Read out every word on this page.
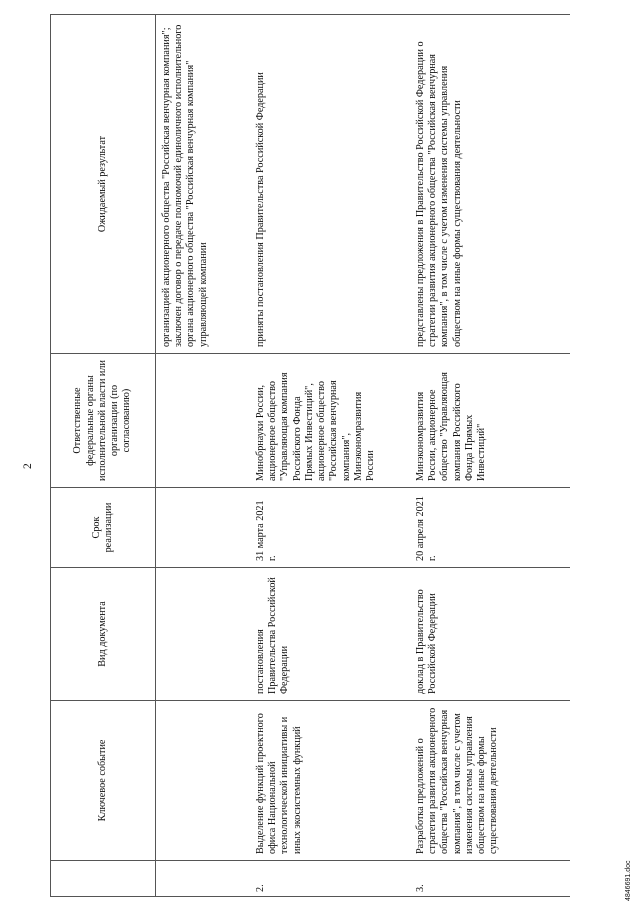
2
	Ключевое событие	Вид документа	Срок реализации	Ответственные федеральные органы исполнительной власти или организации (по согласованию)	Ожидаемый результат
					организацией акционерного общества "Российская венчурная компания"; заключен договор о передаче полномочий единоличного исполнительного органа акционерного общества "Российская венчурная компания" управляющей компании
2.	Выделение функций проектного офиса Национальной технологической инициативы и иных экосистемных функций	постановления Правительства Российской Федерации	31 марта 2021 г.	Минобрнауки России, акционерное общество "Управляющая компания Российского Фонда Прямых Инвестиций", акционерное общество "Российская венчурная компания", Минэкономразвития России	приняты постановления Правительства Российской Федерации
3.	Разработка предложений о стратегии развития акционерного общества "Российская венчурная компания", в том числе с учетом изменения системы управления обществом на иные формы существования деятельности	доклад в Правительство Российской Федерации	20 апреля 2021 г.	Минэкономразвития России, акционерное общество "Управляющая компания Российского Фонда Прямых Инвестиций"	представлены предложения в Правительство Российской Федерации о стратегии развития акционерного общества "Российская венчурная компания", в том числе с учетом изменения системы управления обществом на иные формы существования деятельности
4846691.doc
